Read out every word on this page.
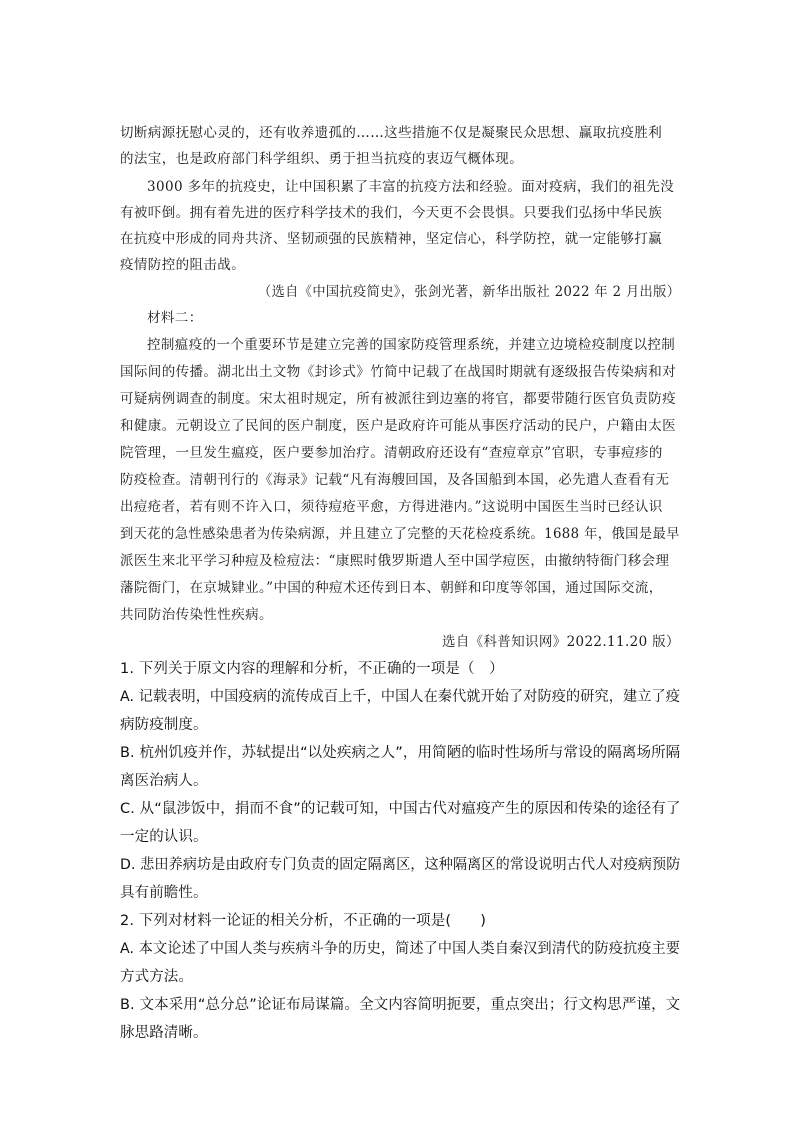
切断病源抚慰心灵的，还有收养遗孤的……这些措施不仅是凝聚民众思想、赢取抗疫胜利
的法宝，也是政府部门科学组织、勇于担当抗疫的衷迈气概体现。
3000 多年的抗疫史，让中国积累了丰富的抗疫方法和经验。面对疫病，我们的祖先没
有被吓倒。拥有着先进的医疗科学技术的我们，今天更不会畏惧。只要我们弘扬中华民族
在抗疫中形成的同舟共济、坚韧顽强的民族精神，坚定信心，科学防控，就一定能够打赢
疫情防控的阻击战。
（选自《中国抗疫简史》，张剑光著，新华出版社 2022 年 2 月出版）
材料二：
控制瘟疫的一个重要环节是建立完善的国家防疫管理系统，并建立边境检疫制度以控制
国际间的传播。湖北出土文物《封诊式》竹简中记载了在战国时期就有逐级报告传染病和对
可疑病例调查的制度。宋太祖时规定，所有被派往到边塞的将官，都要带随行医官负责防疫
和健康。元朝设立了民间的医户制度，医户是政府许可能从事医疗活动的民户，户籍由太医
院管理，一旦发生瘟疫，医户要参加治疗。清朝政府还设有“查痘章京”官职，专事痘疹的
防疫检查。清朝刊行的《海录》记载“凡有海艘回国，及各国船到本国，必先遣人查看有无
出痘疮者，若有则不许入口，须待痘疮平愈，方得进港内。”这说明中国医生当时已经认识
到天花的急性感染患者为传染病源，并且建立了完整的天花检疫系统。1688 年，俄国是最早
派医生来北平学习种痘及检痘法：“康熙时俄罗斯遣人至中国学痘医，由撤纳特衙门移会理
藩院衙门，在京城肄业。”中国的种痘术还传到日本、朝鲜和印度等邻国，通过国际交流，
共同防治传染性性疾病。
选自《科普知识网》2022.11.20 版）
1. 下列关于原文内容的理解和分析，不正确的一项是（　）
A. 记载表明，中国疫病的流传成百上千，中国人在秦代就开始了对防疫的研究，建立了疫
病防疫制度。
B. 杭州饥疫并作，苏轼提出“以处疾病之人”，用简陋的临时性场所与常设的隔离场所隔
离医治病人。
C. 从“鼠涉饭中，捐而不食”的记载可知，中国古代对瘟疫产生的原因和传染的途径有了
一定的认识。
D. 悲田养病坊是由政府专门负责的固定隔离区，这种隔离区的常设说明古代人对疫病预防
具有前瞻性。
2. 下列对材料一论证的相关分析，不正确的一项是(　　)
A. 本文论述了中国人类与疾病斗争的历史，简述了中国人类自秦汉到清代的防疫抗疫主要
方式方法。
B. 文本采用“总分总”论证布局谋篇。全文内容简明扼要，重点突出；行文构思严谨，文
脉思路清晰。
